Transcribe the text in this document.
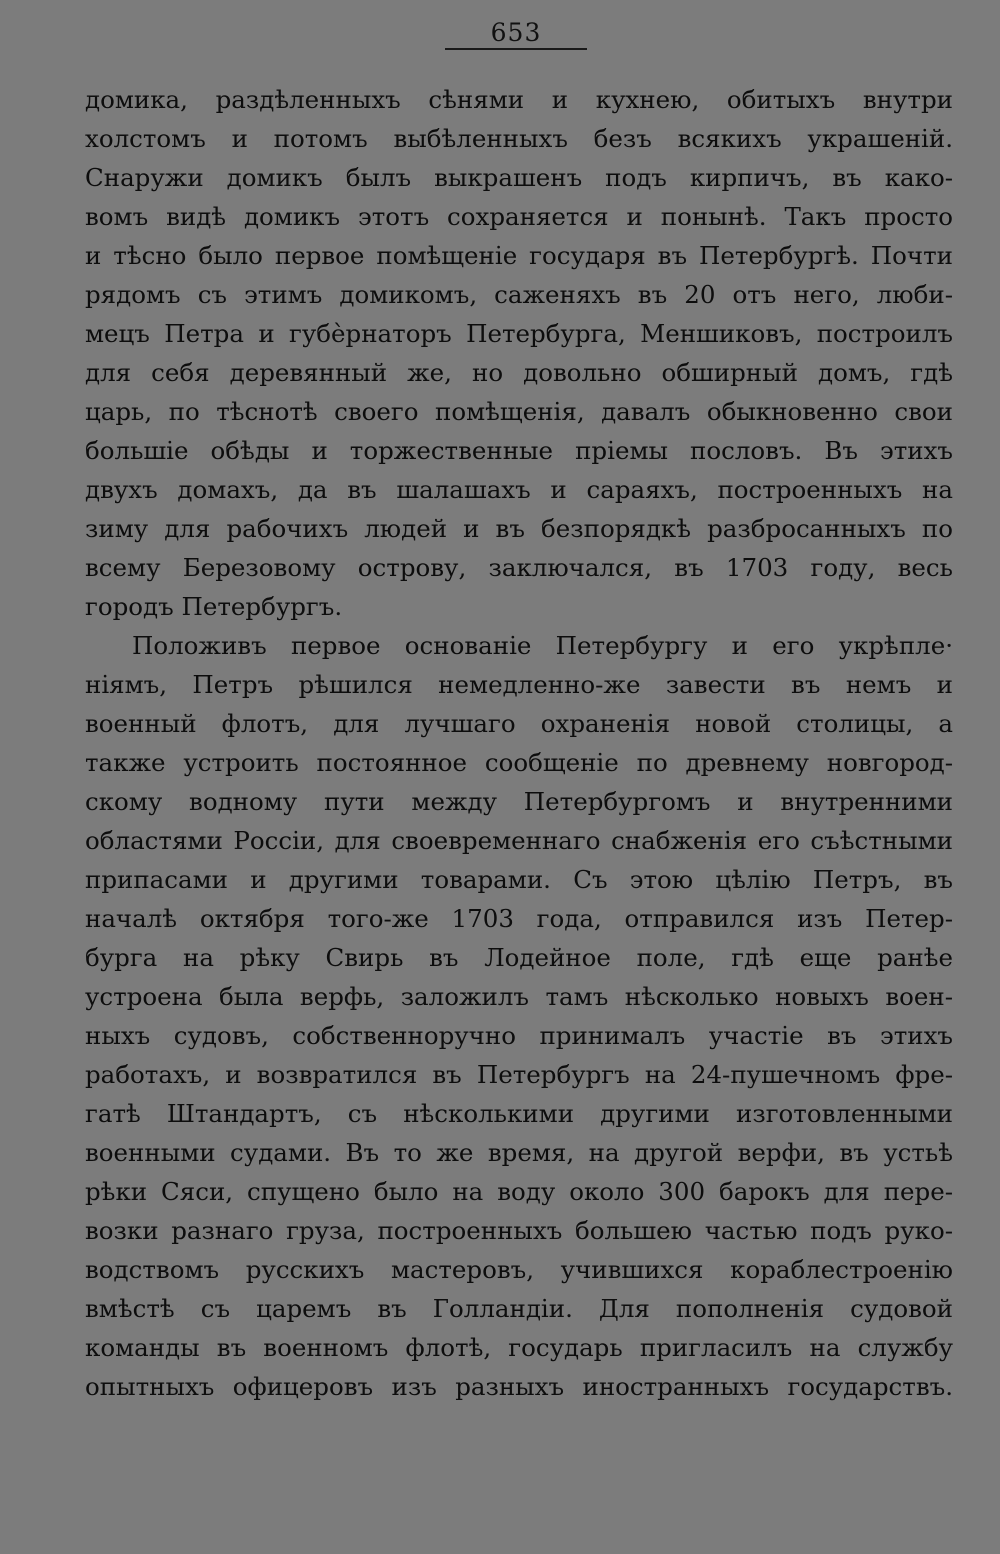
653
домика, раздѣленныхъ сѣнями и кухнею, обитыхъ внутри
холстомъ и потомъ выбѣленныхъ безъ всякихъ украшеній.
Снаружи домикъ былъ выкрашенъ подъ кирпичъ, въ како-
вомъ видѣ домикъ этотъ сохраняется и понынѣ. Такъ просто
и тѣсно было первое помѣщеніе государя въ Петербургѣ. Почти
рядомъ съ этимъ домикомъ, саженяхъ въ 20 отъ него, люби-
мецъ Петра и губѐрнаторъ Петербурга, Меншиковъ, построилъ
для себя деревянный же, но довольно обширный домъ, гдѣ
царь, по тѣснотѣ своего помѣщенія, давалъ обыкновенно свои
большіе обѣды и торжественные пріемы пословъ. Въ этихъ
двухъ домахъ, да въ шалашахъ и сараяхъ, построенныхъ на
зиму для рабочихъ людей и въ безпорядкѣ разбросанныхъ по
всему Березовому острову, заключался, въ 1703 году, весь
городъ Петербургъ.
Положивъ первое основаніе Петербургу и его укрѣпле·
ніямъ, Петръ рѣшился немедленно-же завести въ немъ и
военный флотъ, для лучшаго охраненія новой столицы, а
также устроить постоянное сообщеніе по древнему новгород-
скому водному пути между Петербургомъ и внутренними
областями Россіи, для своевременнаго снабженія его съѣстными
припасами и другими товарами. Съ этою цѣлію Петръ, въ
началѣ октября того-же 1703 года, отправился изъ Петер-
бурга на рѣку Свирь въ Лодейное поле, гдѣ еще ранѣе
устроена была верфь, заложилъ тамъ нѣсколько новыхъ воен-
ныхъ судовъ, собственноручно принималъ участіе въ этихъ
работахъ, и возвратился въ Петербургъ на 24-пушечномъ фре-
гатѣ Штандартъ, съ нѣсколькими другими изготовленными
военными судами. Въ то же время, на другой верфи, въ устьѣ
рѣки Сяси, спущено было на воду около 300 барокъ для пере-
возки разнаго груза, построенныхъ большею частью подъ руко-
водствомъ русскихъ мастеровъ, учившихся кораблестроенію
вмѣстѣ съ царемъ въ Голландіи. Для пополненія судовой
команды въ военномъ флотѣ, государь пригласилъ на службу
опытныхъ офицеровъ изъ разныхъ иностранныхъ государствъ.
